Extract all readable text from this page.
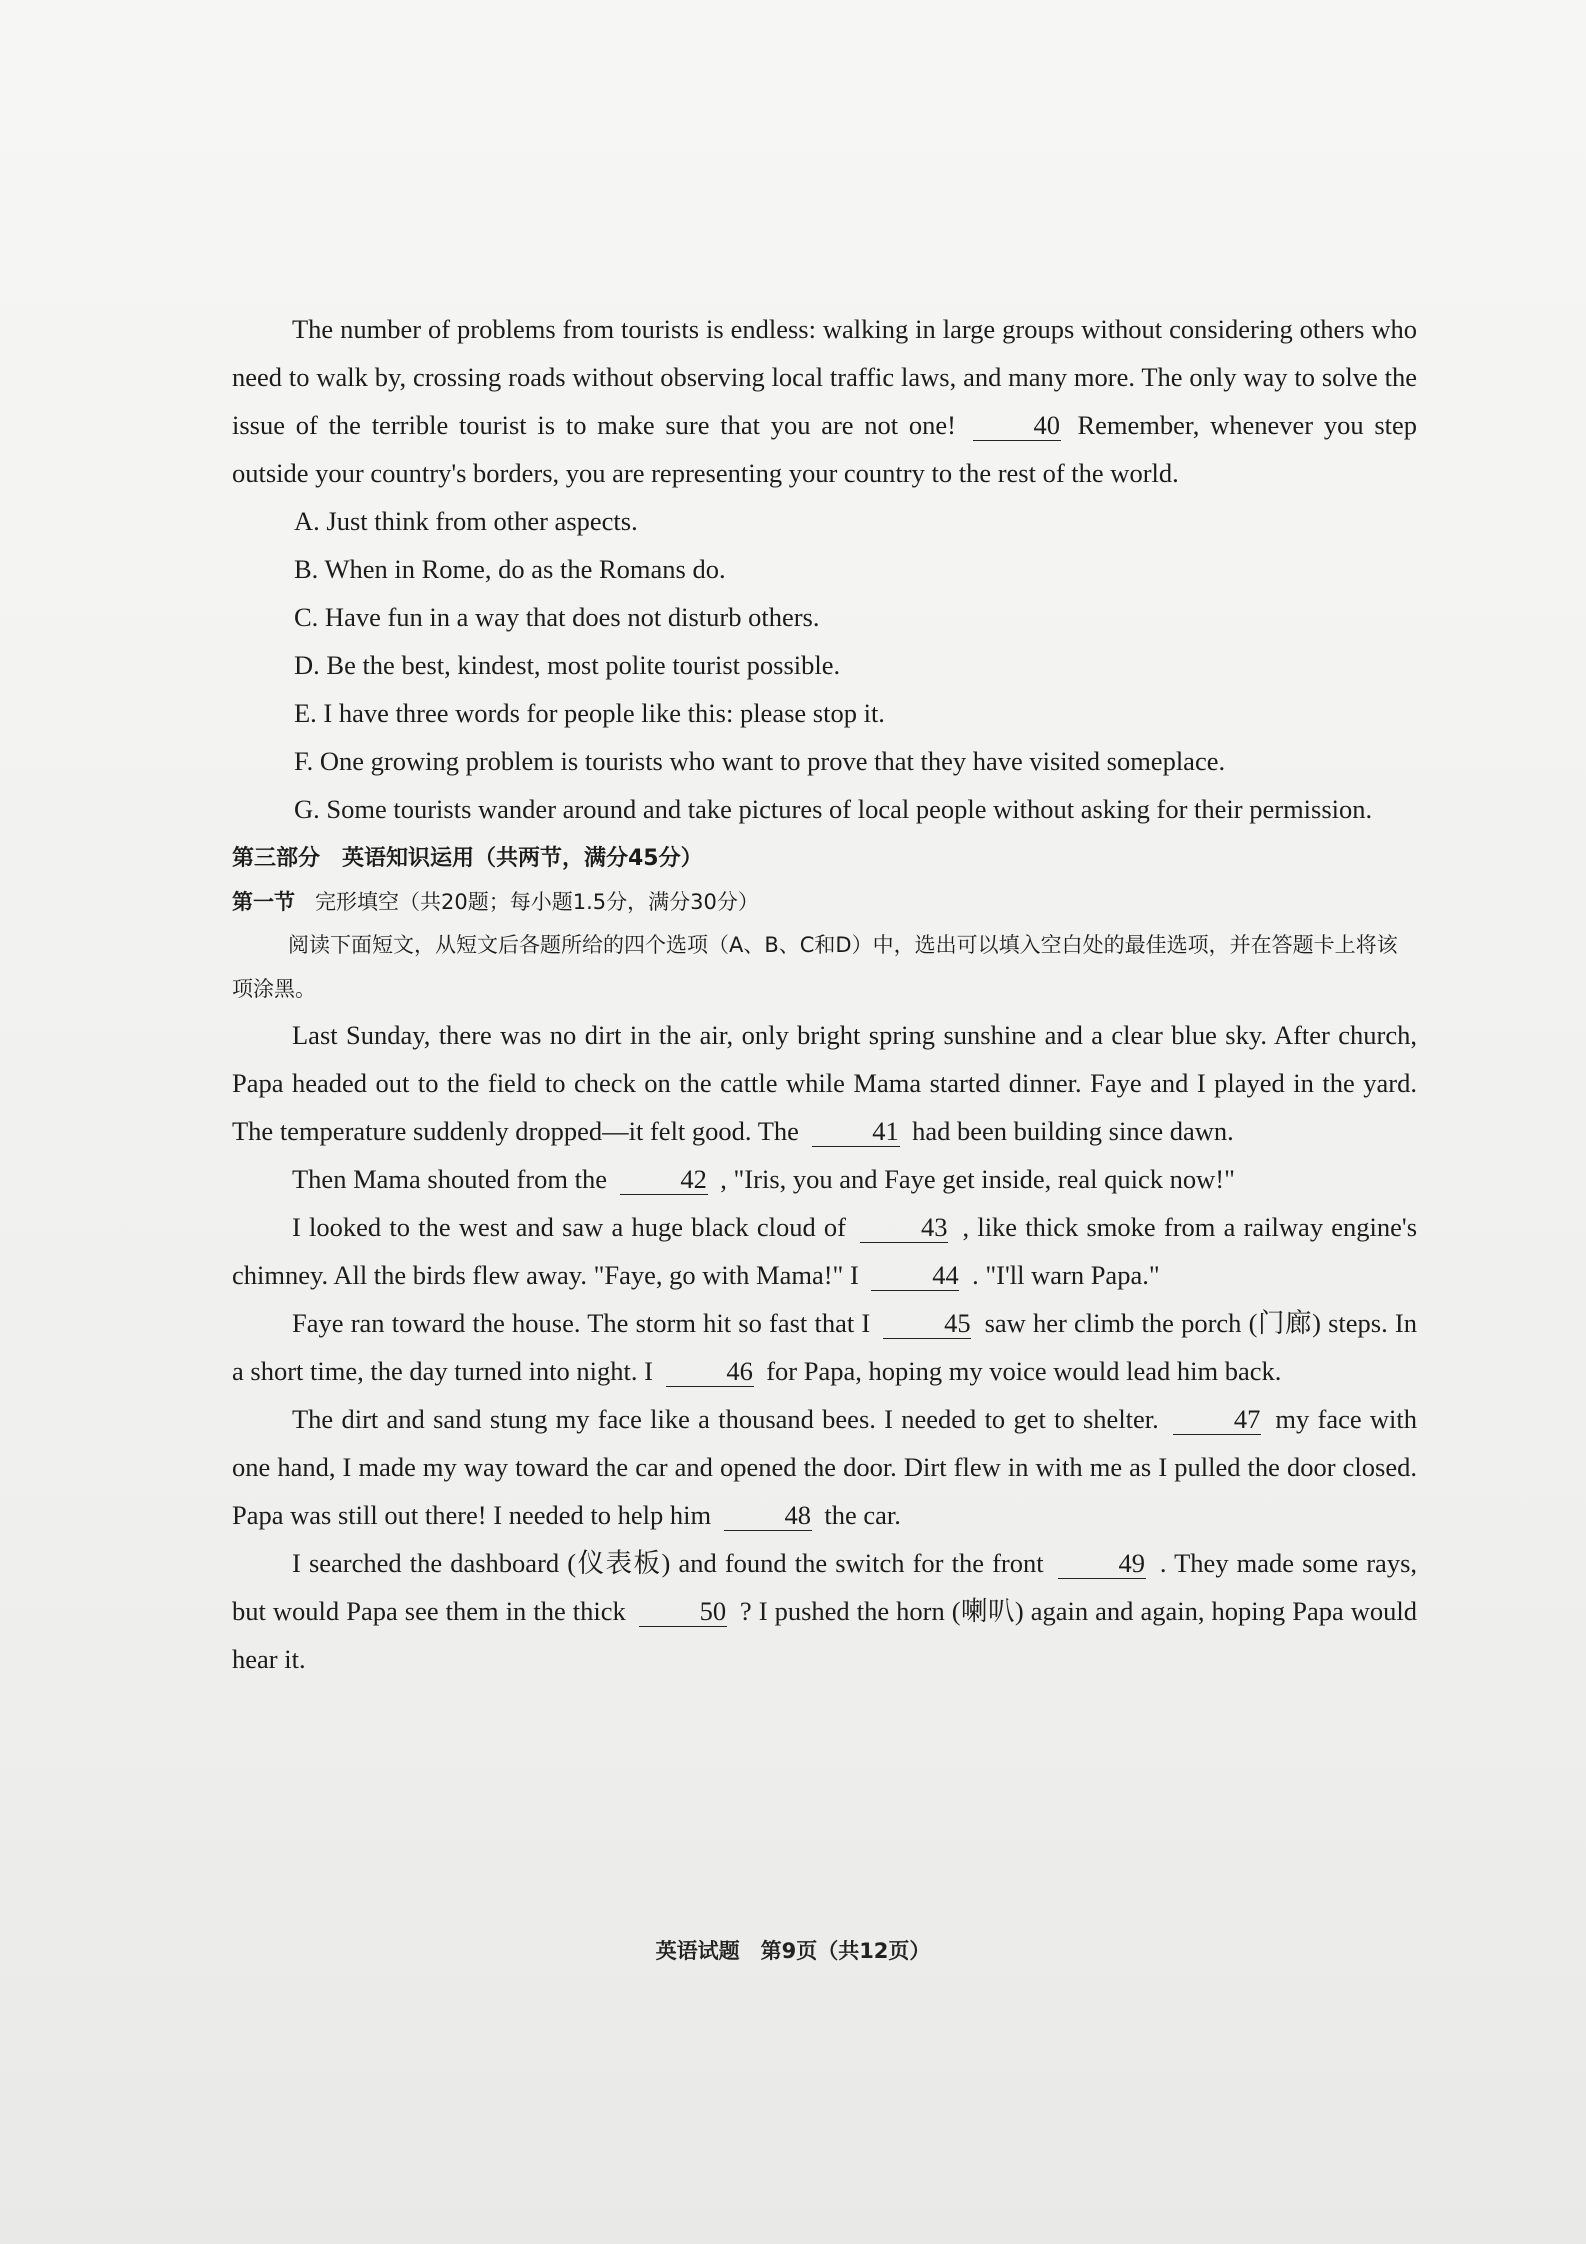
The number of problems from tourists is endless: walking in large groups without considering others who need to walk by, crossing roads without observing local traffic laws, and many more. The only way to solve the issue of the terrible tourist is to make sure that you are not one!	40 Remember, whenever you step outside your country's borders, you are representing your country to the rest of the world.

A. Just think from other aspects.

B. When in Rome, do as the Romans do.

C. Have fun in a way that does not disturb others.

D. Be the best, kindest, most polite tourist possible.

E. I have three words for people like this: please stop it.

F. One growing problem is tourists who want to prove that they have visited someplace.

G. Some tourists wander around and take pictures of local people without asking for their permission.

第三部分　英语知识运用（共两节，满分45分）

第一节 完形填空（共20题；每小题1.5分，满分30分）

阅读下面短文，从短文后各题所给的四个选项（A、B、C和D）中，选出可以填入空白处的最佳选项，并在答题卡上将该项涂黑。

Last Sunday, there was no dirt in the air, only bright spring sunshine and a clear blue sky. After church, Papa headed out to the field to check on the cattle while Mama started dinner. Faye and I played in the yard. The temperature suddenly dropped—it felt good. The	41 had been building since dawn.

Then Mama shouted from the	42 , "Iris, you and Faye get inside, real quick now!"

I looked to the west and saw a huge black cloud of	43 , like thick smoke from a railway engine's chimney. All the birds flew away. "Faye, go with Mama!" I	44 . "I'll warn Papa."

Faye ran toward the house. The storm hit so fast that I	45 saw her climb the porch (门廊) steps. In a short time, the day turned into night. I	46 for Papa, hoping my voice would lead him back.

The dirt and sand stung my face like a thousand bees. I needed to get to shelter.	47 my face with one hand, I made my way toward the car and opened the door. Dirt flew in with me as I pulled the door closed. Papa was still out there! I needed to help him	48 the car.

I searched the dashboard (仪表板) and found the switch for the front	49 . They made some rays, but would Papa see them in the thick	50 ? I pushed the horn (喇叭) again and again, hoping Papa would hear it.

英语试题　第9页（共12页）
